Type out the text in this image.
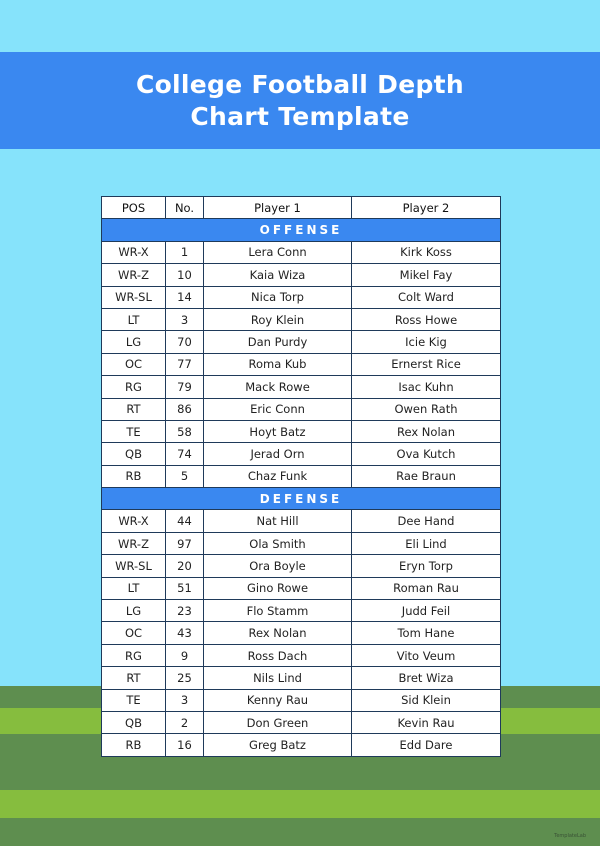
College Football Depth Chart Template
POS	No.	Player 1	Player 2
OFFENSE			
WR-X	1	Lera Conn	Kirk Koss
WR-Z	10	Kaia Wiza	Mikel Fay
WR-SL	14	Nica Torp	Colt Ward
LT	3	Roy Klein	Ross Howe
LG	70	Dan Purdy	Icie Kig
OC	77	Roma Kub	Ernerst Rice
RG	79	Mack Rowe	Isac Kuhn
RT	86	Eric Conn	Owen Rath
TE	58	Hoyt Batz	Rex Nolan
QB	74	Jerad Orn	Ova Kutch
RB	5	Chaz Funk	Rae Braun
DEFENSE			
WR-X	44	Nat Hill	Dee Hand
WR-Z	97	Ola Smith	Eli Lind
WR-SL	20	Ora Boyle	Eryn Torp
LT	51	Gino Rowe	Roman Rau
LG	23	Flo Stamm	Judd Feil
OC	43	Rex Nolan	Tom Hane
RG	9	Ross Dach	Vito Veum
RT	25	Nils Lind	Bret Wiza
TE	3	Kenny Rau	Sid Klein
QB	2	Don Green	Kevin Rau
RB	16	Greg Batz	Edd Dare
TemplateLab
